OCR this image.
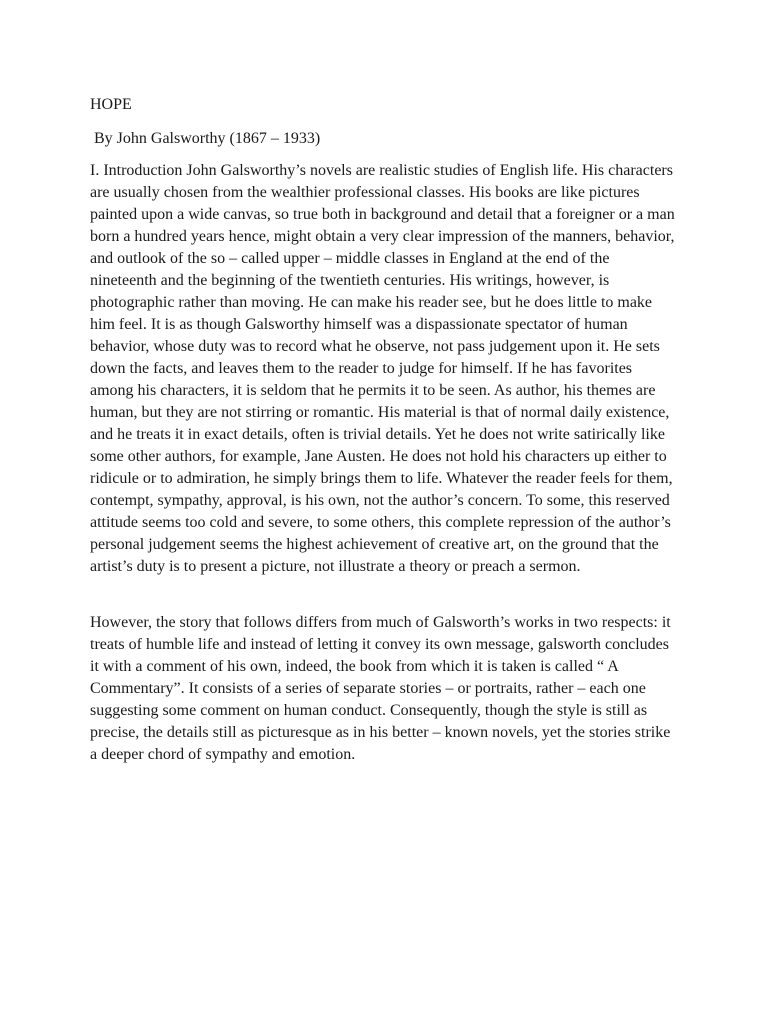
HOPE

By John Galsworthy (1867 – 1933)

I. Introduction John Galsworthy’s novels are realistic studies of English life. His characters are usually chosen from the wealthier professional classes. His books are like pictures painted upon a wide canvas, so true both in background and detail that a foreigner or a man born a hundred years hence, might obtain a very clear impression of the manners, behavior, and outlook of the so – called upper – middle classes in England at the end of the nineteenth and the beginning of the twentieth centuries. His writings, however, is photographic rather than moving. He can make his reader see, but he does little to make him feel. It is as though Galsworthy himself was a dispassionate spectator of human behavior, whose duty was to record what he observe, not pass judgement upon it. He sets down the facts, and leaves them to the reader to judge for himself. If he has favorites among his characters, it is seldom that he permits it to be seen. As author, his themes are human, but they are not stirring or romantic. His material is that of normal daily existence, and he treats it in exact details, often is trivial details. Yet he does not write satirically like some other authors, for example, Jane Austen. He does not hold his characters up either to ridicule or to admiration, he simply brings them to life. Whatever the reader feels for them, contempt, sympathy, approval, is his own, not the author’s concern. To some, this reserved attitude seems too cold and severe, to some others, this complete repression of the author’s personal judgement seems the highest achievement of creative art, on the ground that the artist’s duty is to present a picture, not illustrate a theory or preach a sermon.

However, the story that follows differs from much of Galsworth’s works in two respects: it treats of humble life and instead of letting it convey its own message, galsworth concludes it with a comment of his own, indeed, the book from which it is taken is called “ A Commentary”. It consists of a series of separate stories – or portraits, rather – each one suggesting some comment on human conduct. Consequently, though the style is still as precise, the details still as picturesque as in his better – known novels, yet the stories strike a deeper chord of sympathy and emotion.
